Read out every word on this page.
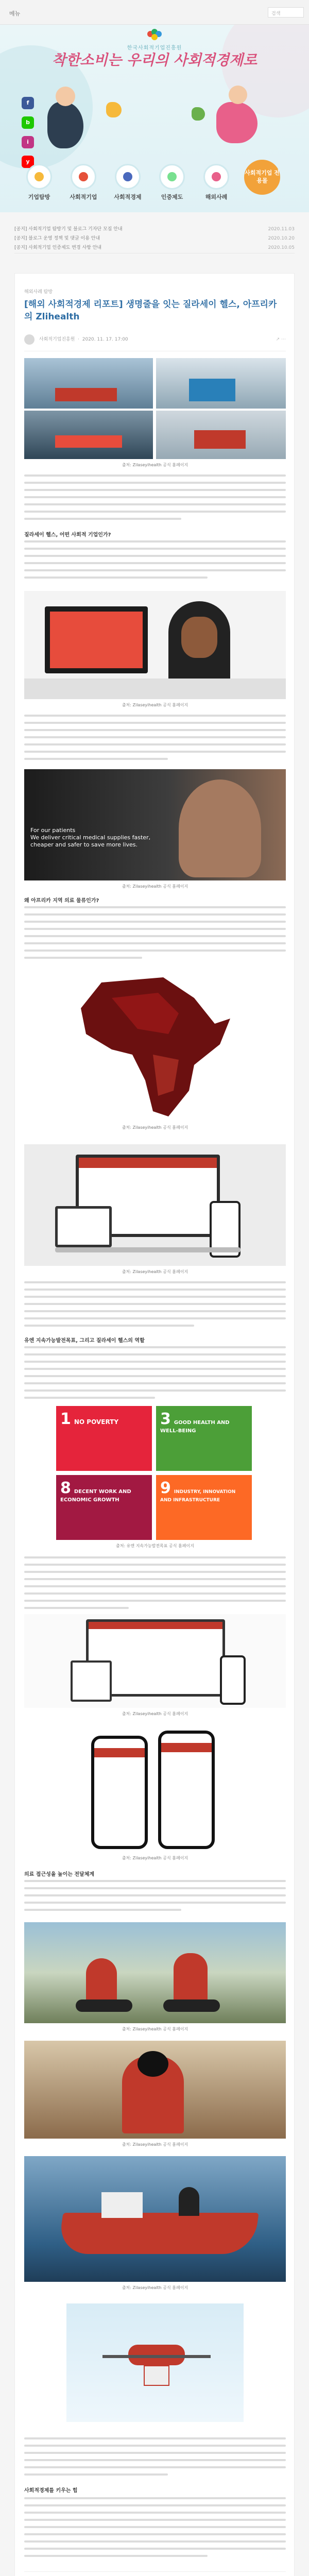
메뉴	검색
한국사회적기업진흥원
착한소비는 우리의 사회적경제로
f
b
i
y
기업탐방	사회적기업	사회적경제	인증제도	해외사례
사회적기업 전용몰
[공지] 사회적기업 탐방기 및 블로그 기자단 모집 안내	2020.11.03
[공지] 블로그 운영 정책 및 댓글 이용 안내	2020.10.20
[공지] 사회적기업 인증제도 변경 사항 안내	2020.10.05
해외사례 탐방
[해외 사회적경제 리포트] 생명줄을 잇는 질라세이 헬스, 아프리카의 Zlihealth
사회적기업진흥원  ·  2020. 11. 17. 17:00	↗ ⋯
출처: Zilaseyihealth 공식 홈페이지
질라세이 헬스, 어떤 사회적 기업인가?
출처: Zilaseyihealth 공식 홈페이지
For our patients
We deliver critical medical supplies faster, cheaper and safer to save more lives.
출처: Zilaseyihealth 공식 홈페이지
왜 아프리카 지역 의료 물류인가?
출처: Zilaseyihealth 공식 홈페이지
출처: Zilaseyihealth 공식 홈페이지
유엔 지속가능발전목표, 그리고 질라세이 헬스의 역할
1 NO POVERTY	3 GOOD HEALTH AND WELL-BEING
8 DECENT WORK AND ECONOMIC GROWTH
9 INDUSTRY, INNOVATION AND INFRASTRUCTURE
출처: 유엔 지속가능발전목표 공식 홈페이지
출처: Zilaseyihealth 공식 홈페이지
출처: Zilaseyihealth 공식 홈페이지
의료 접근성을 높이는 전달체계
출처: Zilaseyihealth 공식 홈페이지
출처: Zilaseyihealth 공식 홈페이지
출처: Zilaseyihealth 공식 홈페이지
사회적경제를 키우는 힘
